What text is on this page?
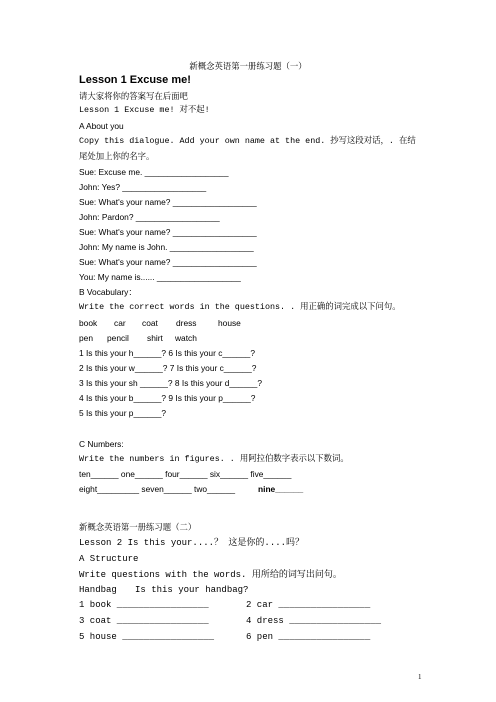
新概念英语第一册练习题（一）
Lesson 1 Excuse me!
请大家将你的答案写在后面吧
Lesson 1 Excuse me! 对不起!
A About you
Copy this dialogue. Add your own name at the end. 抄写这段对话，. 在结
尾处加上你的名字。
Sue: Excuse me. __________________
John: Yes? __________________
Sue: What's your name? __________________
John: Pardon? __________________
Sue: What's your name? __________________
John: My name is John. __________________
Sue: What's your name? __________________
You: My name is...... __________________
B Vocabulary：
Write the correct words in the questions. . 用正确的词完成以下问句。
book car coat dress	house
pen pencil shirt watch
1 Is this your h______? 6 Is this your c______?
2 Is this your w______? 7 Is this your c______?
3 Is this your sh ______? 8 Is this your d______?
4 Is this your b______? 9 Is this your p______?
5 Is this your p______?
C Numbers:
Write the numbers in figures. . 用阿拉伯数字表示以下数词。
ten______ one______ four______ six______ five______
eight_________ seven______ two______	nine______
新概念英语第一册练习题（二）
Lesson 2 Is this your....？ 这是你的....吗？
A Structure
Write questions with the words. 用所给的词写出问句。
Handbag Is this your handbag?
1 book _________________	2 car _________________
3 coat _________________	4 dress _________________
5 house _________________	6 pen _________________
1
